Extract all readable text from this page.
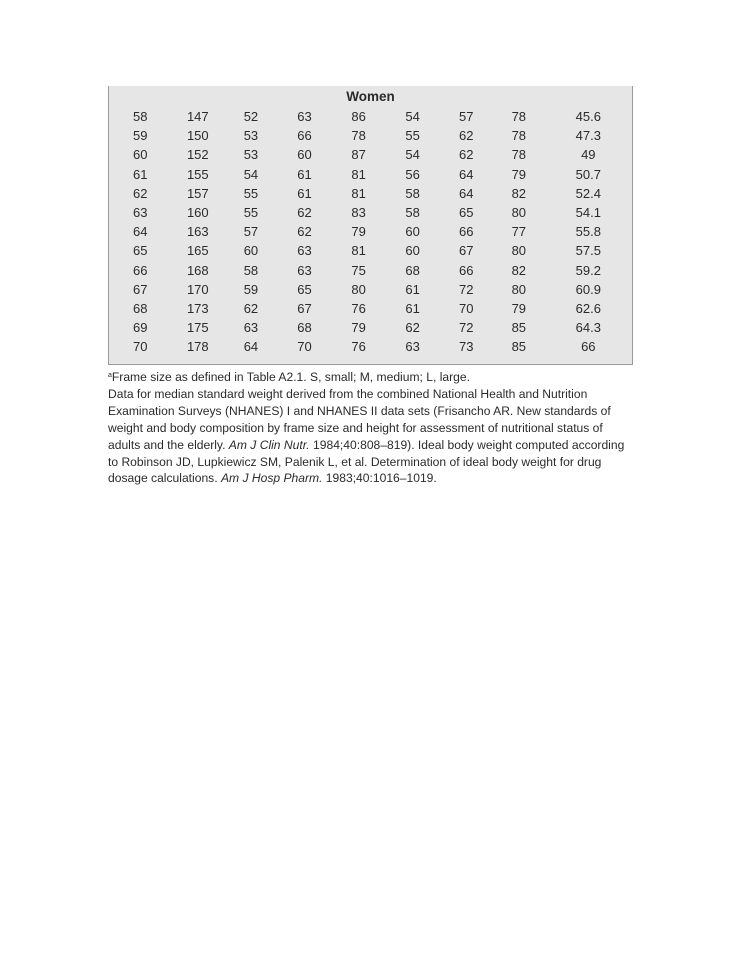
Women
58	147	52	63	86	54	57	78	45.6
59	150	53	66	78	55	62	78	47.3
60	152	53	60	87	54	62	78	49
61	155	54	61	81	56	64	79	50.7
62	157	55	61	81	58	64	82	52.4
63	160	55	62	83	58	65	80	54.1
64	163	57	62	79	60	66	77	55.8
65	165	60	63	81	60	67	80	57.5
66	168	58	63	75	68	66	82	59.2
67	170	59	65	80	61	72	80	60.9
68	173	62	67	76	61	70	79	62.6
69	175	63	68	79	62	72	85	64.3
70	178	64	70	76	63	73	85	66

$^a$Frame size as defined in Table A2.1. S, small; M, medium; L, large.

Data for median standard weight derived from the combined National Health and Nutrition Examination Surveys (NHANES) I and NHANES II data sets (Frisancho AR. New standards of weight and body composition by frame size and height for assessment of nutritional status of adults and the elderly. Am J Clin Nutr. 1984;40:808–819). Ideal body weight computed according to Robinson JD, Lupkiewicz SM, Palenik L, et al. Determination of ideal body weight for drug dosage calculations. Am J Hosp Pharm. 1983;40:1016–1019.
